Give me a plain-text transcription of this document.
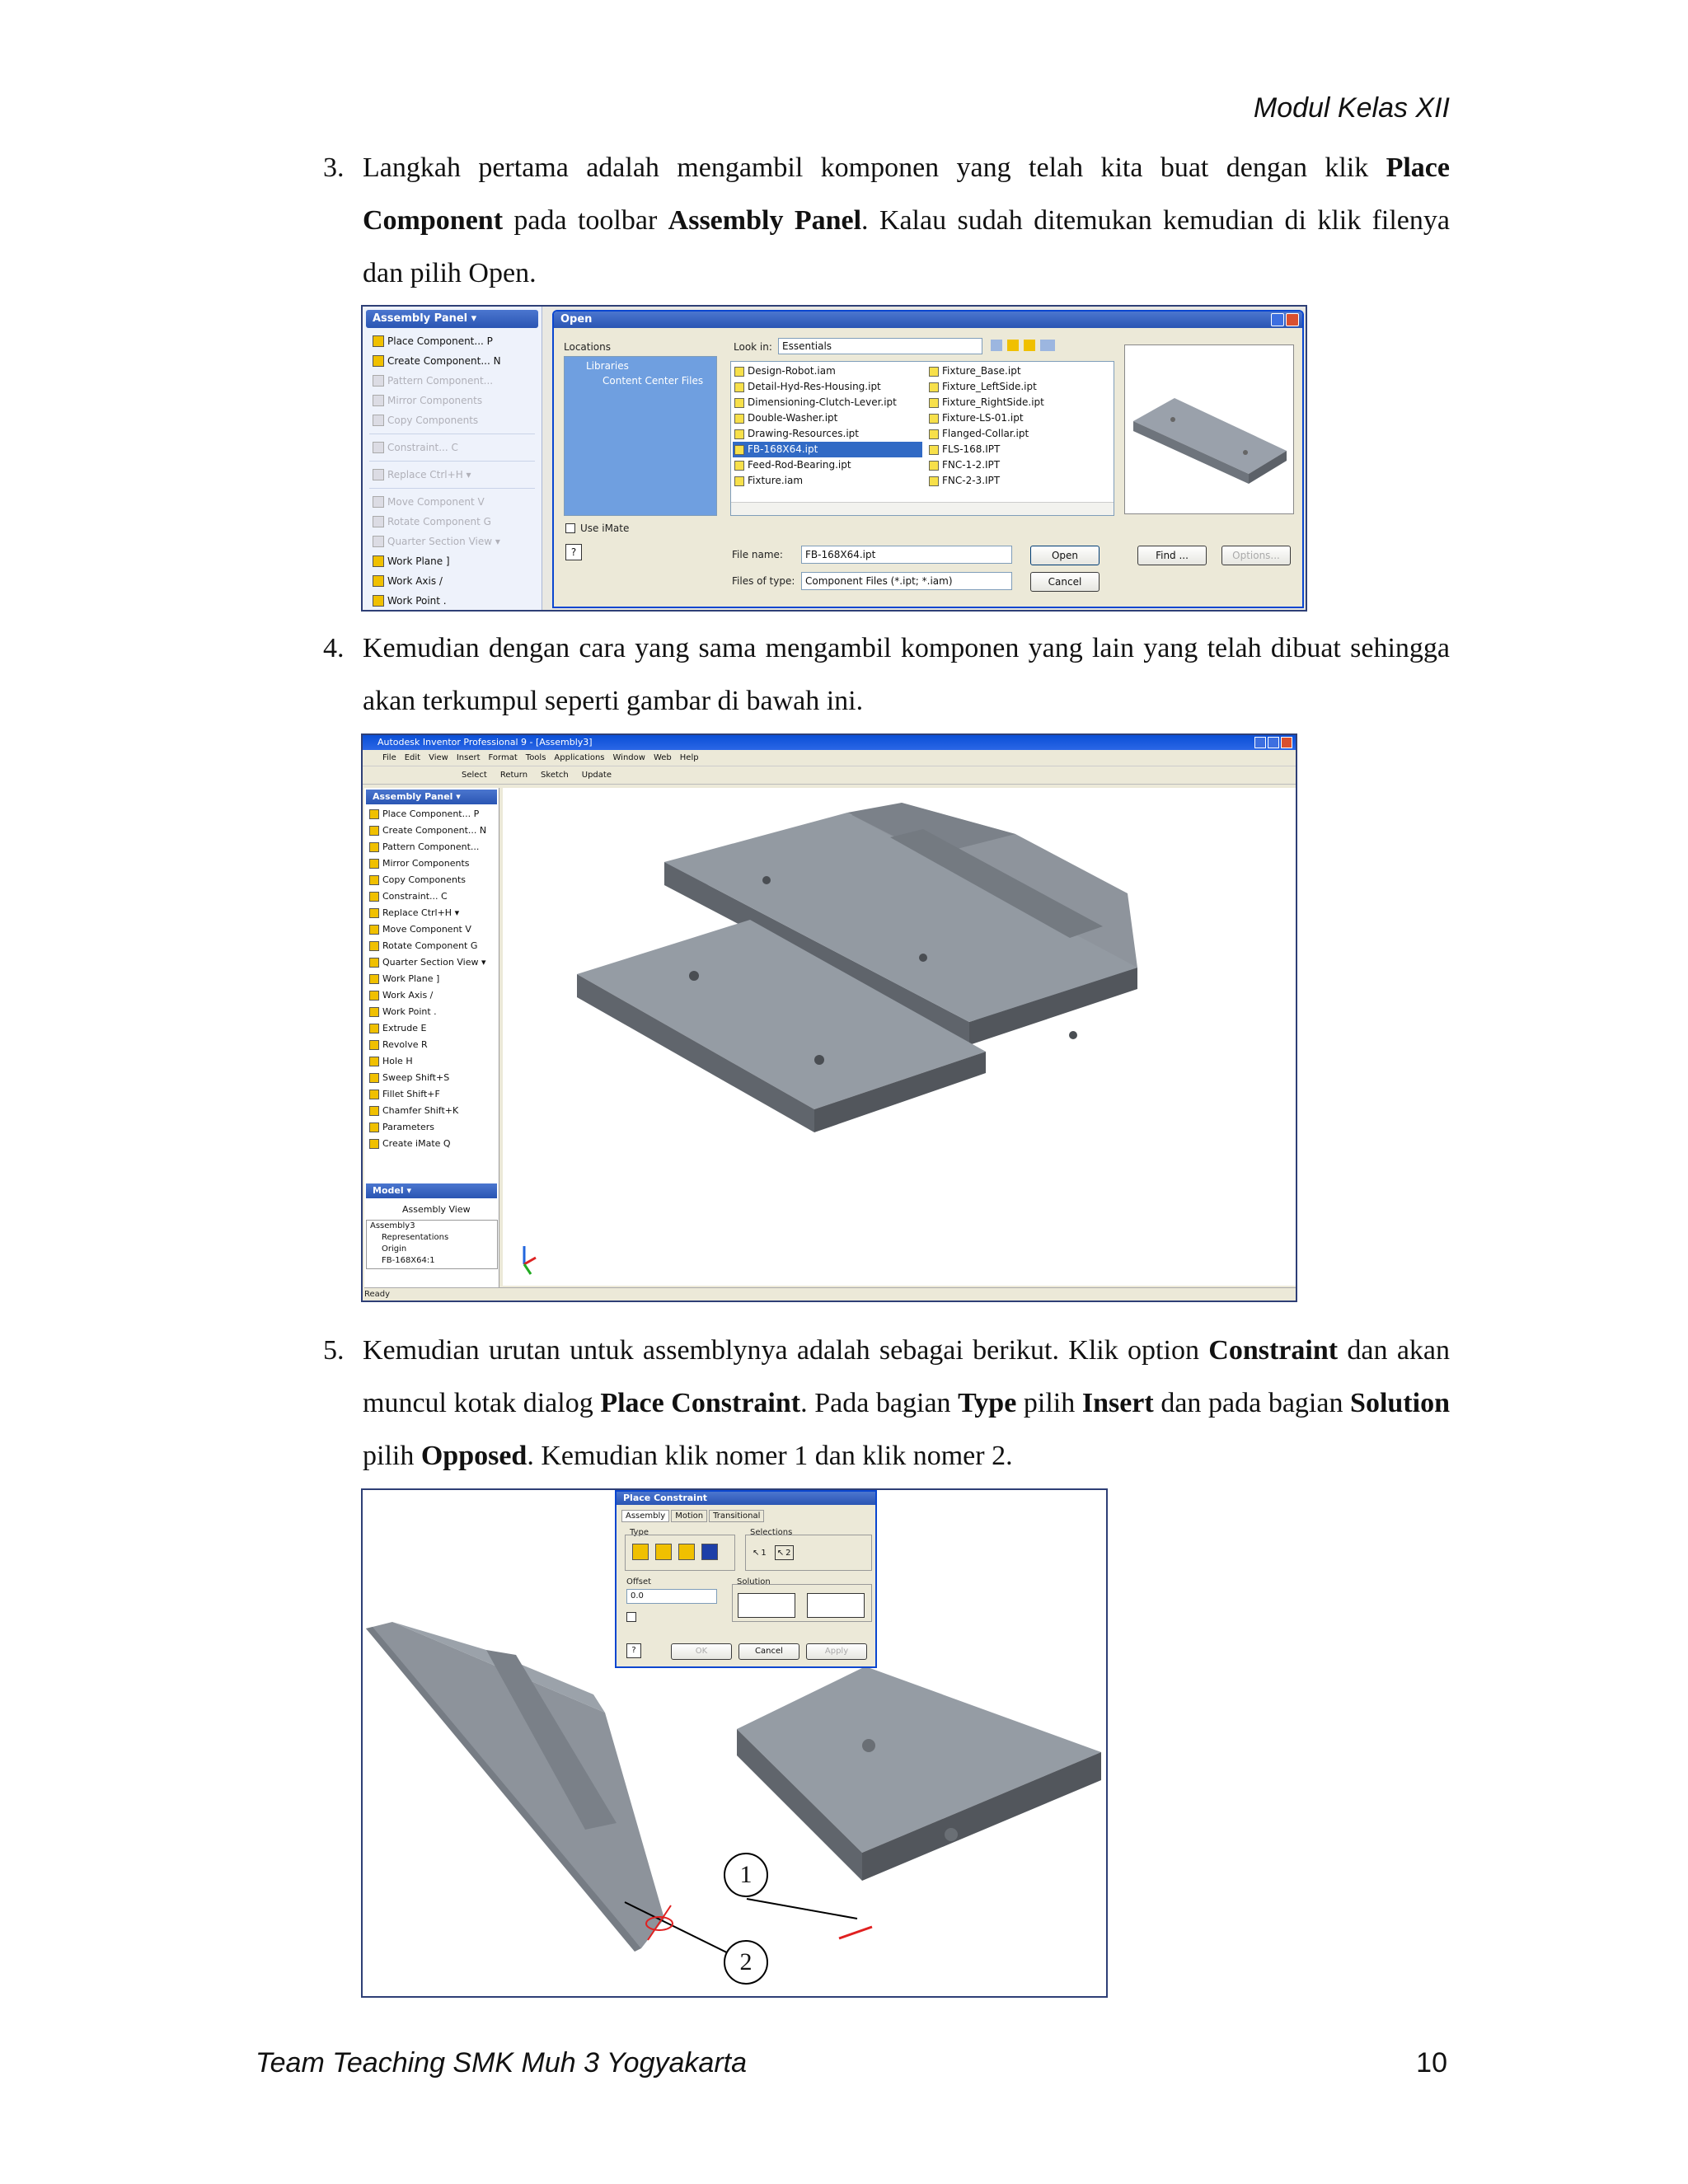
Modul Kelas XII
3. Langkah pertama adalah mengambil komponen yang telah kita buat dengan klik Place Component pada toolbar Assembly Panel. Kalau sudah ditemukan kemudian di klik filenya dan pilih Open.
Assembly Panel ▾
Place Component... P
Create Component... N
Pattern Component...
Mirror Components
Copy Components
Constraint... C
Replace Ctrl+H ▾
Move Component V
Rotate Component G
Quarter Section View ▾
Work Plane ]
Work Axis /
Work Point .
Open
Locations
Libraries
Content Center Files
Use iMate
?
Look in:	Essentials
Design-Robot.iam
Detail-Hyd-Res-Housing.ipt
Dimensioning-Clutch-Lever.ipt
Double-Washer.ipt
Drawing-Resources.ipt
FB-168X64.ipt
Feed-Rod-Bearing.ipt
Fixture.iam
Fixture_Base.ipt
Fixture_LeftSide.ipt
Fixture_RightSide.ipt
Fixture-LS-01.ipt
Flanged-Collar.ipt
FLS-168.IPT
FNC-1-2.IPT
FNC-2-3.IPT
File name:	FB-168X64.ipt
Files of type:	Component Files (*.ipt; *.iam)
Open
Cancel
Find ...	Options...
4. Kemudian dengan cara yang sama mengambil komponen yang lain yang telah dibuat sehingga akan terkumpul seperti gambar di bawah ini.
Autodesk Inventor Professional 9 - [Assembly3]
File Edit View Insert Format Tools Applications Window Web Help
Select Return Sketch Update
Assembly Panel ▾
Place Component... P
Create Component... N
Pattern Component...
Mirror Components
Copy Components
Constraint... C
Replace Ctrl+H ▾
Move Component V
Rotate Component G
Quarter Section View ▾
Work Plane ]
Work Axis /
Work Point .
Extrude E
Revolve R
Hole H
Sweep Shift+S
Fillet Shift+F
Chamfer Shift+K
Parameters
Create iMate Q
Model ▾
Assembly View
Assembly3
Representations
Origin
FB-168X64:1
Ready
5. Kemudian urutan untuk assemblynya adalah sebagai berikut. Klik option Constraint dan akan muncul kotak dialog Place Constraint. Pada bagian Type pilih Insert dan pada bagian Solution pilih Opposed. Kemudian klik nomer 1 dan klik nomer 2.
1
2
Place Constraint
Assembly	Motion	Transitional
Type	Selections
↖ 1 ↖ 2
Offset
0.0
Solution
?	OK	Cancel	Apply
Team Teaching SMK Muh 3 Yogyakarta	10
